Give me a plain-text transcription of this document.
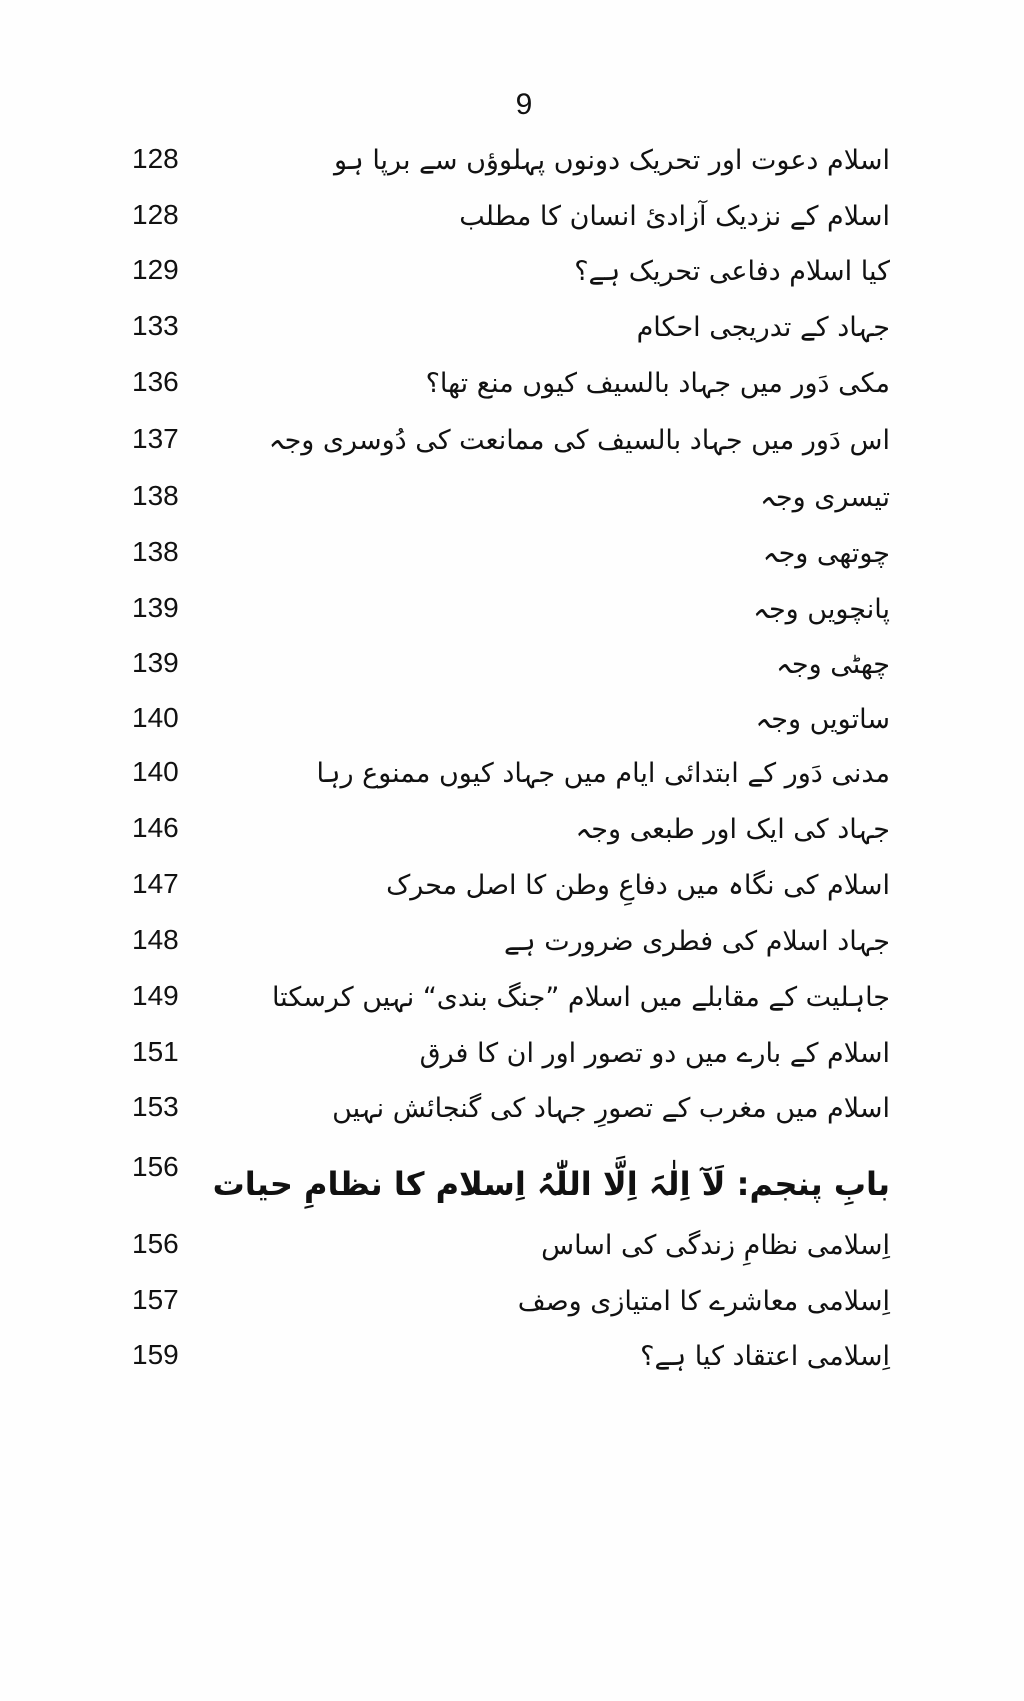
9
128	اسلام دعوت اور تحریک دونوں پہلوؤں سے برپا ہو
128	اسلام کے نزدیک آزادئ انسان کا مطلب
129	کیا اسلام دفاعی تحریک ہے؟
133	جہاد کے تدریجی احکام
136	مکی دَور میں جہاد بالسیف کیوں منع تھا؟
137	اس دَور میں جہاد بالسیف کی ممانعت کی دُوسری وجہ
138	تیسری وجہ
138	چوتھی وجہ
139	پانچویں وجہ
139	چھٹی وجہ
140	ساتویں وجہ
140	مدنی دَور کے ابتدائی ایام میں جہاد کیوں ممنوع رہا
146	جہاد کی ایک اور طبعی وجہ
147	اسلام کی نگاہ میں دفاعِ وطن کا اصل محرک
148	جہاد اسلام کی فطری ضرورت ہے
149	جاہلیت کے مقابلے میں اسلام ”جنگ بندی“ نہیں کرسکتا
151	اسلام کے بارے میں دو تصور اور ان کا فرق
153	اسلام میں مغرب کے تصورِ جہاد کی گنجائش نہیں
156 بابِ پنجم: لَآ اِلٰہَ اِلَّا اللّٰہُ اِسلام کا نظامِ حیات
156	اِسلامی نظامِ زندگی کی اساس
157	اِسلامی معاشرے کا امتیازی وصف
159	اِسلامی اعتقاد کیا ہے؟
